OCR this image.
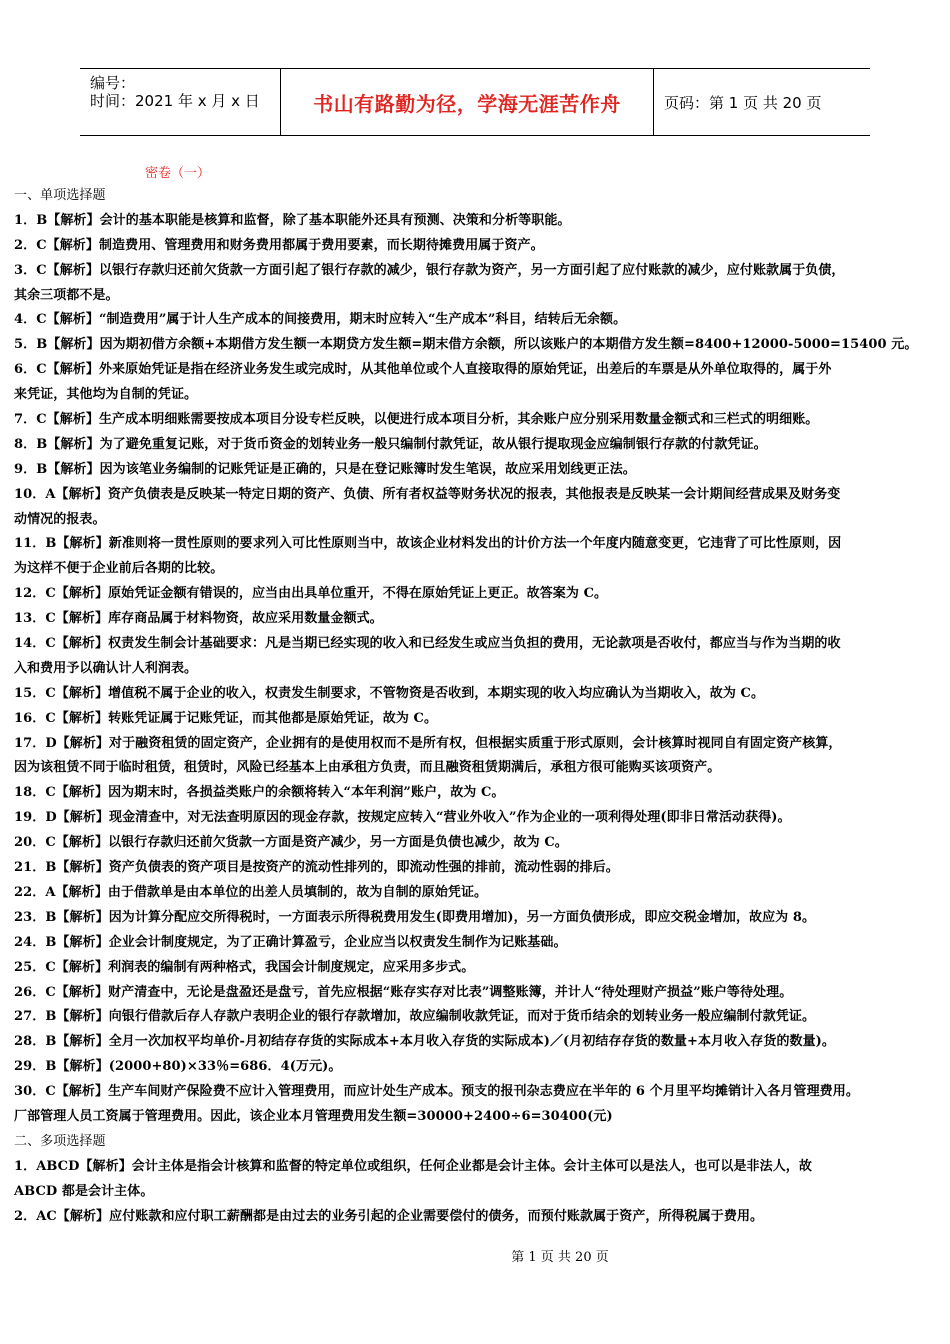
编号：
时间：2021 年 x 月 x 日	书山有路勤为径，学海无涯苦作舟	页码：第 1 页 共 20 页
密卷（一）
一、单项选择题
1．B【解析】会计的基本职能是核算和监督，除了基本职能外还具有预测、决策和分析等职能。
2．C【解析】制造费用、管理费用和财务费用都属于费用要素，而长期待摊费用属于资产。
3．C【解析】以银行存款归还前欠货款一方面引起了银行存款的减少，银行存款为资产，另一方面引起了应付账款的减少，应付账款属于负债，
其余三项都不是。
4．C【解析】“制造费用”属于计人生产成本的间接费用，期末时应转入“生产成本”科目，结转后无余额。
5．B【解析】因为期初借方余额+本期借方发生额一本期贷方发生额=期末借方余额，所以该账户的本期借方发生额=8400+12000-5000=15400 元。
6．C【解析】外来原始凭证是指在经济业务发生或完成时，从其他单位或个人直接取得的原始凭证，出差后的车票是从外单位取得的，属于外
来凭证，其他均为自制的凭证。
7．C【解析】生产成本明细账需要按成本项目分设专栏反映，以便进行成本项目分析，其余账户应分别采用数量金额式和三栏式的明细账。
8．B【解析】为了避免重复记账，对于货币资金的划转业务一般只编制付款凭证，故从银行提取现金应编制银行存款的付款凭证。
9．B【解析】因为该笔业务编制的记账凭证是正确的，只是在登记账簿时发生笔误，故应采用划线更正法。
10．A【解析】资产负债表是反映某一特定日期的资产、负债、所有者权益等财务状况的报表，其他报表是反映某一会计期间经营成果及财务变
动情况的报表。
11．B【解析】新准则将一贯性原则的要求列入可比性原则当中，故该企业材料发出的计价方法一个年度内随意变更，它违背了可比性原则，因
为这样不便于企业前后各期的比较。
12．C【解析】原始凭证金额有错误的，应当由出具单位重开，不得在原始凭证上更正。故答案为 C。
13．C【解析】库存商品属于材料物资，故应采用数量金额式。
14．C【解析】权责发生制会计基础要求：凡是当期已经实现的收入和已经发生或应当负担的费用，无论款项是否收付，都应当与作为当期的收
入和费用予以确认计人利润表。
15．C【解析】增值税不属于企业的收入，权责发生制要求，不管物资是否收到，本期实现的收入均应确认为当期收入，故为 C。
16．C【解析】转账凭证属于记账凭证，而其他都是原始凭证，故为 C。
17．D【解析】对于融资租赁的固定资产，企业拥有的是使用权而不是所有权，但根据实质重于形式原则，会计核算时视同自有固定资产核算，
因为该租赁不同于临时租赁，租赁时，风险已经基本上由承租方负责，而且融资租赁期满后，承租方很可能购买该项资产。
18．C【解析】因为期末时，各损益类账户的余额将转入“本年利润”账户，故为 C。
19．D【解析】现金清查中，对无法查明原因的现金存款，按规定应转入“营业外收入”作为企业的一项利得处理(即非日常活动获得)。
20．C【解析】以银行存款归还前欠货款一方面是资产减少，另一方面是负债也减少，故为 C。
21．B【解析】资产负债表的资产项目是按资产的流动性排列的，即流动性强的排前，流动性弱的排后。
22．A【解析】由于借款单是由本单位的出差人员填制的，故为自制的原始凭证。
23．B【解析】因为计算分配应交所得税时，一方面表示所得税费用发生(即费用增加)，另一方面负债形成，即应交税金增加，故应为 8。
24．B【解析】企业会计制度规定，为了正确计算盈亏，企业应当以权责发生制作为记账基础。
25．C【解析】利润表的编制有两种格式，我国会计制度规定，应采用多步式。
26．C【解析】财产清查中，无论是盘盈还是盘亏，首先应根据“账存实存对比表”调整账簿，并计人“待处理财产损益”账户等待处理。
27．B【解析】向银行借款后存人存款户表明企业的银行存款增加，故应编制收款凭证，而对于货币结余的划转业务一般应编制付款凭证。
28．B【解析】全月一次加权平均单价-月初结存存货的实际成本+本月收入存货的实际成本)／(月初结存存货的数量+本月收入存货的数量)。
29．B【解析】(2000+80)×33％=686．4(万元)。
30．C【解析】生产车间财产保险费不应计入管理费用，而应计处生产成本。预支的报刊杂志费应在半年的 6 个月里平均摊销计入各月管理费用。
厂部管理人员工资属于管理费用。因此，该企业本月管理费用发生额=30000+2400÷6=30400(元)
二、多项选择题
1．ABCD【解析】会计主体是指会计核算和监督的特定单位或组织，任何企业都是会计主体。会计主体可以是法人，也可以是非法人，故
ABCD 都是会计主体。
2．AC【解析】应付账款和应付职工薪酬都是由过去的业务引起的企业需要偿付的债务，而预付账款属于资产，所得税属于费用。
第 1 页 共 20 页
